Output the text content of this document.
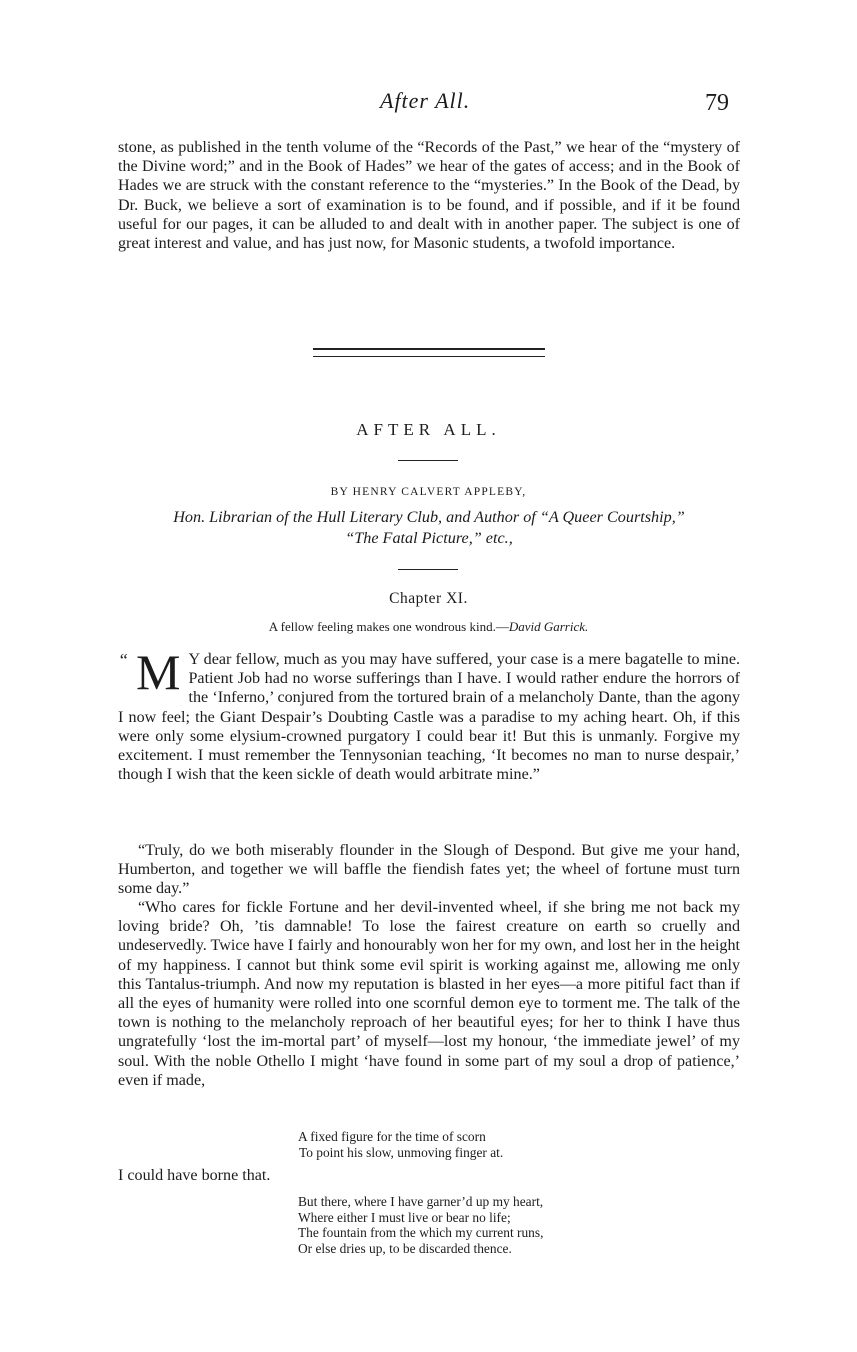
After All.	79

stone, as published in the tenth volume of the “Records of the Past,” we hear of the “mystery of the Divine word;” and in the Book of Hades” we hear of the gates of access; and in the Book of Hades we are struck with the constant reference to the “mysteries.” In the Book of the Dead, by Dr. Buck, we believe a sort of examination is to be found, and if possible, and if it be found useful for our pages, it can be alluded to and dealt with in another paper. The subject is one of great interest and value, and has just now, for Masonic students, a twofold importance.

AFTER ALL.
BY HENRY CALVERT APPLEBY,
Hon. Librarian of the Hull Literary Club, and Author of “A Queer Courtship,”
“The Fatal Picture,” etc.,
Chapter XI.
A fellow feeling makes one wondrous kind.—David Garrick.
“ M Y dear fellow, much as you may have suffered, your case is a mere bagatelle to mine. Patient Job had no worse sufferings than I have. I would rather endure the horrors of the ‘Inferno,’ conjured from the tortured brain of a melancholy Dante, than the agony I now feel; the Giant Despair’s Doubting Castle was a paradise to my aching heart. Oh, if this were only some elysium-crowned purgatory I could bear it! But this is unmanly. Forgive my excitement. I must remember the Tennysonian teaching, ‘It becomes no man to nurse despair,’ though I wish that the keen sickle of death would arbitrate mine.”

“Truly, do we both miserably flounder in the Slough of Despond. But give me your hand, Humberton, and together we will baffle the fiendish fates yet; the wheel of fortune must turn some day.”

“Who cares for fickle Fortune and her devil-invented wheel, if she bring me not back my loving bride? Oh, ’tis damnable! To lose the fairest creature on earth so cruelly and undeservedly. Twice have I fairly and honourably won her for my own, and lost her in the height of my happiness. I cannot but think some evil spirit is working against me, allowing me only this Tantalus-triumph. And now my reputation is blasted in her eyes—a more pitiful fact than if all the eyes of humanity were rolled into one scornful demon eye to torment me. The talk of the town is nothing to the melancholy reproach of her beautiful eyes; for her to think I have thus ungratefully ‘lost the im-mortal part’ of myself—lost my honour, ‘the immediate jewel’ of my soul. With the noble Othello I might ‘have found in some part of my soul a drop of patience,’ even if made,

A fixed figure for the time of scorn
To point his slow, unmoving finger at.

I could have borne that.

But there, where I have garner’d up my heart,
Where either I must live or bear no life;
The fountain from the which my current runs,
Or else dries up, to be discarded thence.
